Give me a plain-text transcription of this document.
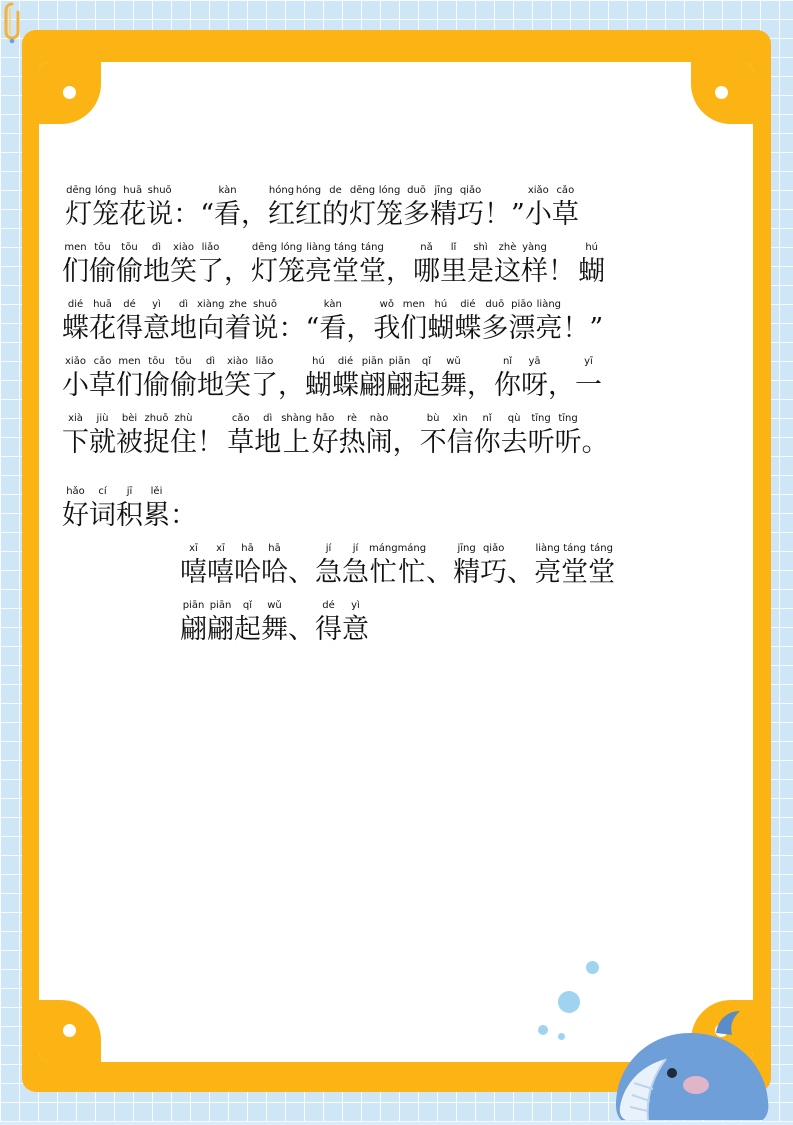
dēng
灯
lóng
笼
huā
花
shuō
说 ： “
kàn
看 ，
hóng
红
hóng
红
de
的
dēng
灯
lóng
笼
duō
多
jīng
精
qiǎo
巧 ！ ”
xiǎo
小
cǎo
草
men
们
tōu
偷
tōu
偷
dì
地
xiào
笑
liǎo
了 ，
dēng
灯
lóng
笼
liàng
亮
táng
堂
táng
堂 ，
nǎ
哪
lǐ
里
shì
是
zhè
这
yàng
样 ！
hú
蝴
dié
蝶
huā
花
dé
得
yì
意
dì
地
xiàng
向
zhe
着
shuō
说 ： “
kàn
看 ，
wǒ
我
men
们
hú
蝴
dié
蝶
duō
多
piāo
漂
liàng
亮 ！ ”
xiǎo
小
cǎo
草
men
们
tōu
偷
tōu
偷
dì
地
xiào
笑
liǎo
了 ，
hú
蝴
dié
蝶
piān
翩
piān
翩
qǐ
起
wǔ
舞 ，
nǐ
你
yā
呀 ，
yī
一
xià
下
jiù
就
bèi
被
zhuō
捉
zhù
住 ！
cǎo
草
dì
地
shàng
上
hǎo
好
rè
热
nào
闹 ，
bù
不
xìn
信
nǐ
你
qù
去
tīng
听
tīng
听 。
hǎo
好
cí
词
jī
积
lěi
累 ：
xī
嘻
xī
嘻
hā
哈
hā
哈 、
jí
急
jí
急
máng
忙
máng
忙 、
jīng
精
qiǎo
巧 、
liàng
亮
táng
堂
táng
堂
piān
翩
piān
翩
qǐ
起
wǔ
舞 、
dé
得
yì
意
